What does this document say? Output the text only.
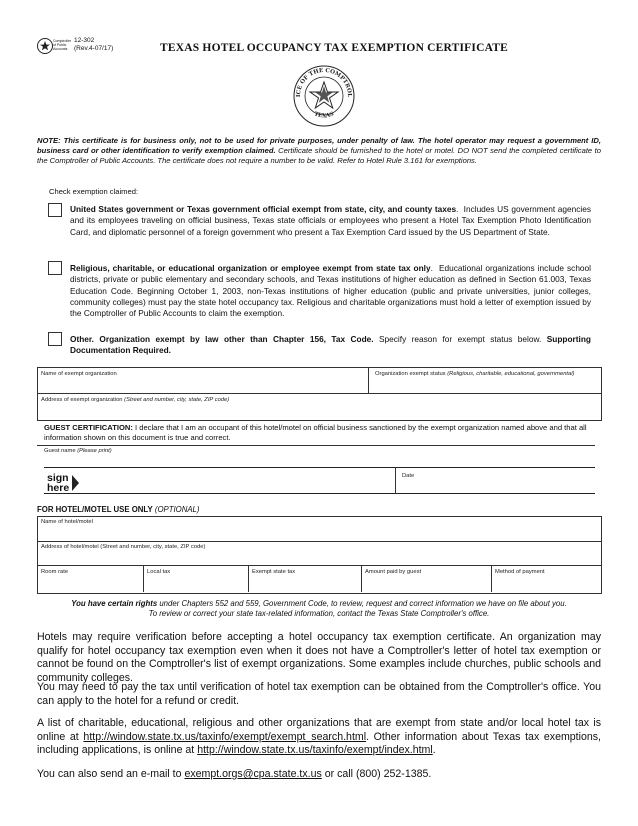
Comptroller of Public Accounts
12-302
(Rev.4-07/17)	TEXAS HOTEL OCCUPANCY TAX EXEMPTION CERTIFICATE
ICE OF THE COMPTROL
TEXAS
NOTE: This certificate is for business only, not to be used for private purposes, under penalty of law. The hotel operator may request a government ID, business card or other identification to verify exemption claimed. Certificate should be furnished to the hotel or motel. DO NOT send the completed certificate to the Comptroller of Public Accounts. The certificate does not require a number to be valid. Refer to Hotel Rule 3.161 for exemptions.
Check exemption claimed:
United States government or Texas government official exempt from state, city, and county taxes.  Includes US government agencies and its employees traveling on official business, Texas state officials or employees who present a Hotel Tax Exemption Photo Identification Card, and diplomatic personnel of a foreign government who present a Tax Exemption Card issued by the US Department of State.
Religious, charitable, or educational organization or employee exempt from state tax only.  Educational organizations include school districts, private or public elementary and secondary schools, and Texas institutions of higher education as defined in Section 61.003, Texas Education Code. Beginning October 1, 2003, non-Texas institutions of higher education (public and private universities, junior colleges, community colleges) must pay the state hotel occupancy tax. Religious and charitable organizations must hold a letter of exemption issued by the Comptroller of Public Accounts to claim the exemption.
Other. Organization exempt by law other than Chapter 156, Tax Code. Specify reason for exempt status below. Supporting Documentation Required.
Name of exempt organization	Organization exempt status (Religious, charitable, educational, governmental)
Address of exempt organization (Street and number, city, state, ZIP code)
GUEST CERTIFICATION: I declare that I am an occupant of this hotel/motel on official business sanctioned by the exempt organization named above and that all information shown on this document is true and correct.
Guest name (Please print)
sign
here
Date
FOR HOTEL/MOTEL USE ONLY (OPTIONAL)
Name of hotel/motel
Address of hotel/motel (Street and number, city, state, ZIP code)
Room rate	Local tax	Exempt state tax	Amount paid by guest	Method of payment
You have certain rights under Chapters 552 and 559, Government Code, to review, request and correct information we have on file about you.
To review or correct your state tax-related information, contact the Texas State Comptroller's office.
Hotels may require verification before accepting a hotel occupancy tax exemption certificate. An organization may qualify for hotel occupancy tax exemption even when it does not have a Comptroller's letter of hotel tax exemption or cannot be found on the Comptroller's list of exempt organizations. Some examples include churches, public schools and community colleges.
You may need to pay the tax until verification of hotel tax exemption can be obtained from the Comptroller's office. You can apply to the hotel for a refund or credit.
A list of charitable, educational, religious and other organizations that are exempt from state and/or local hotel tax is online at http://window.state.tx.us/taxinfo/exempt/exempt_search.html. Other information about Texas tax exemptions, including applications, is online at http://window.state.tx.us/taxinfo/exempt/index.html.
You can also send an e-mail to exempt.orgs@cpa.state.tx.us or call (800) 252-1385.
